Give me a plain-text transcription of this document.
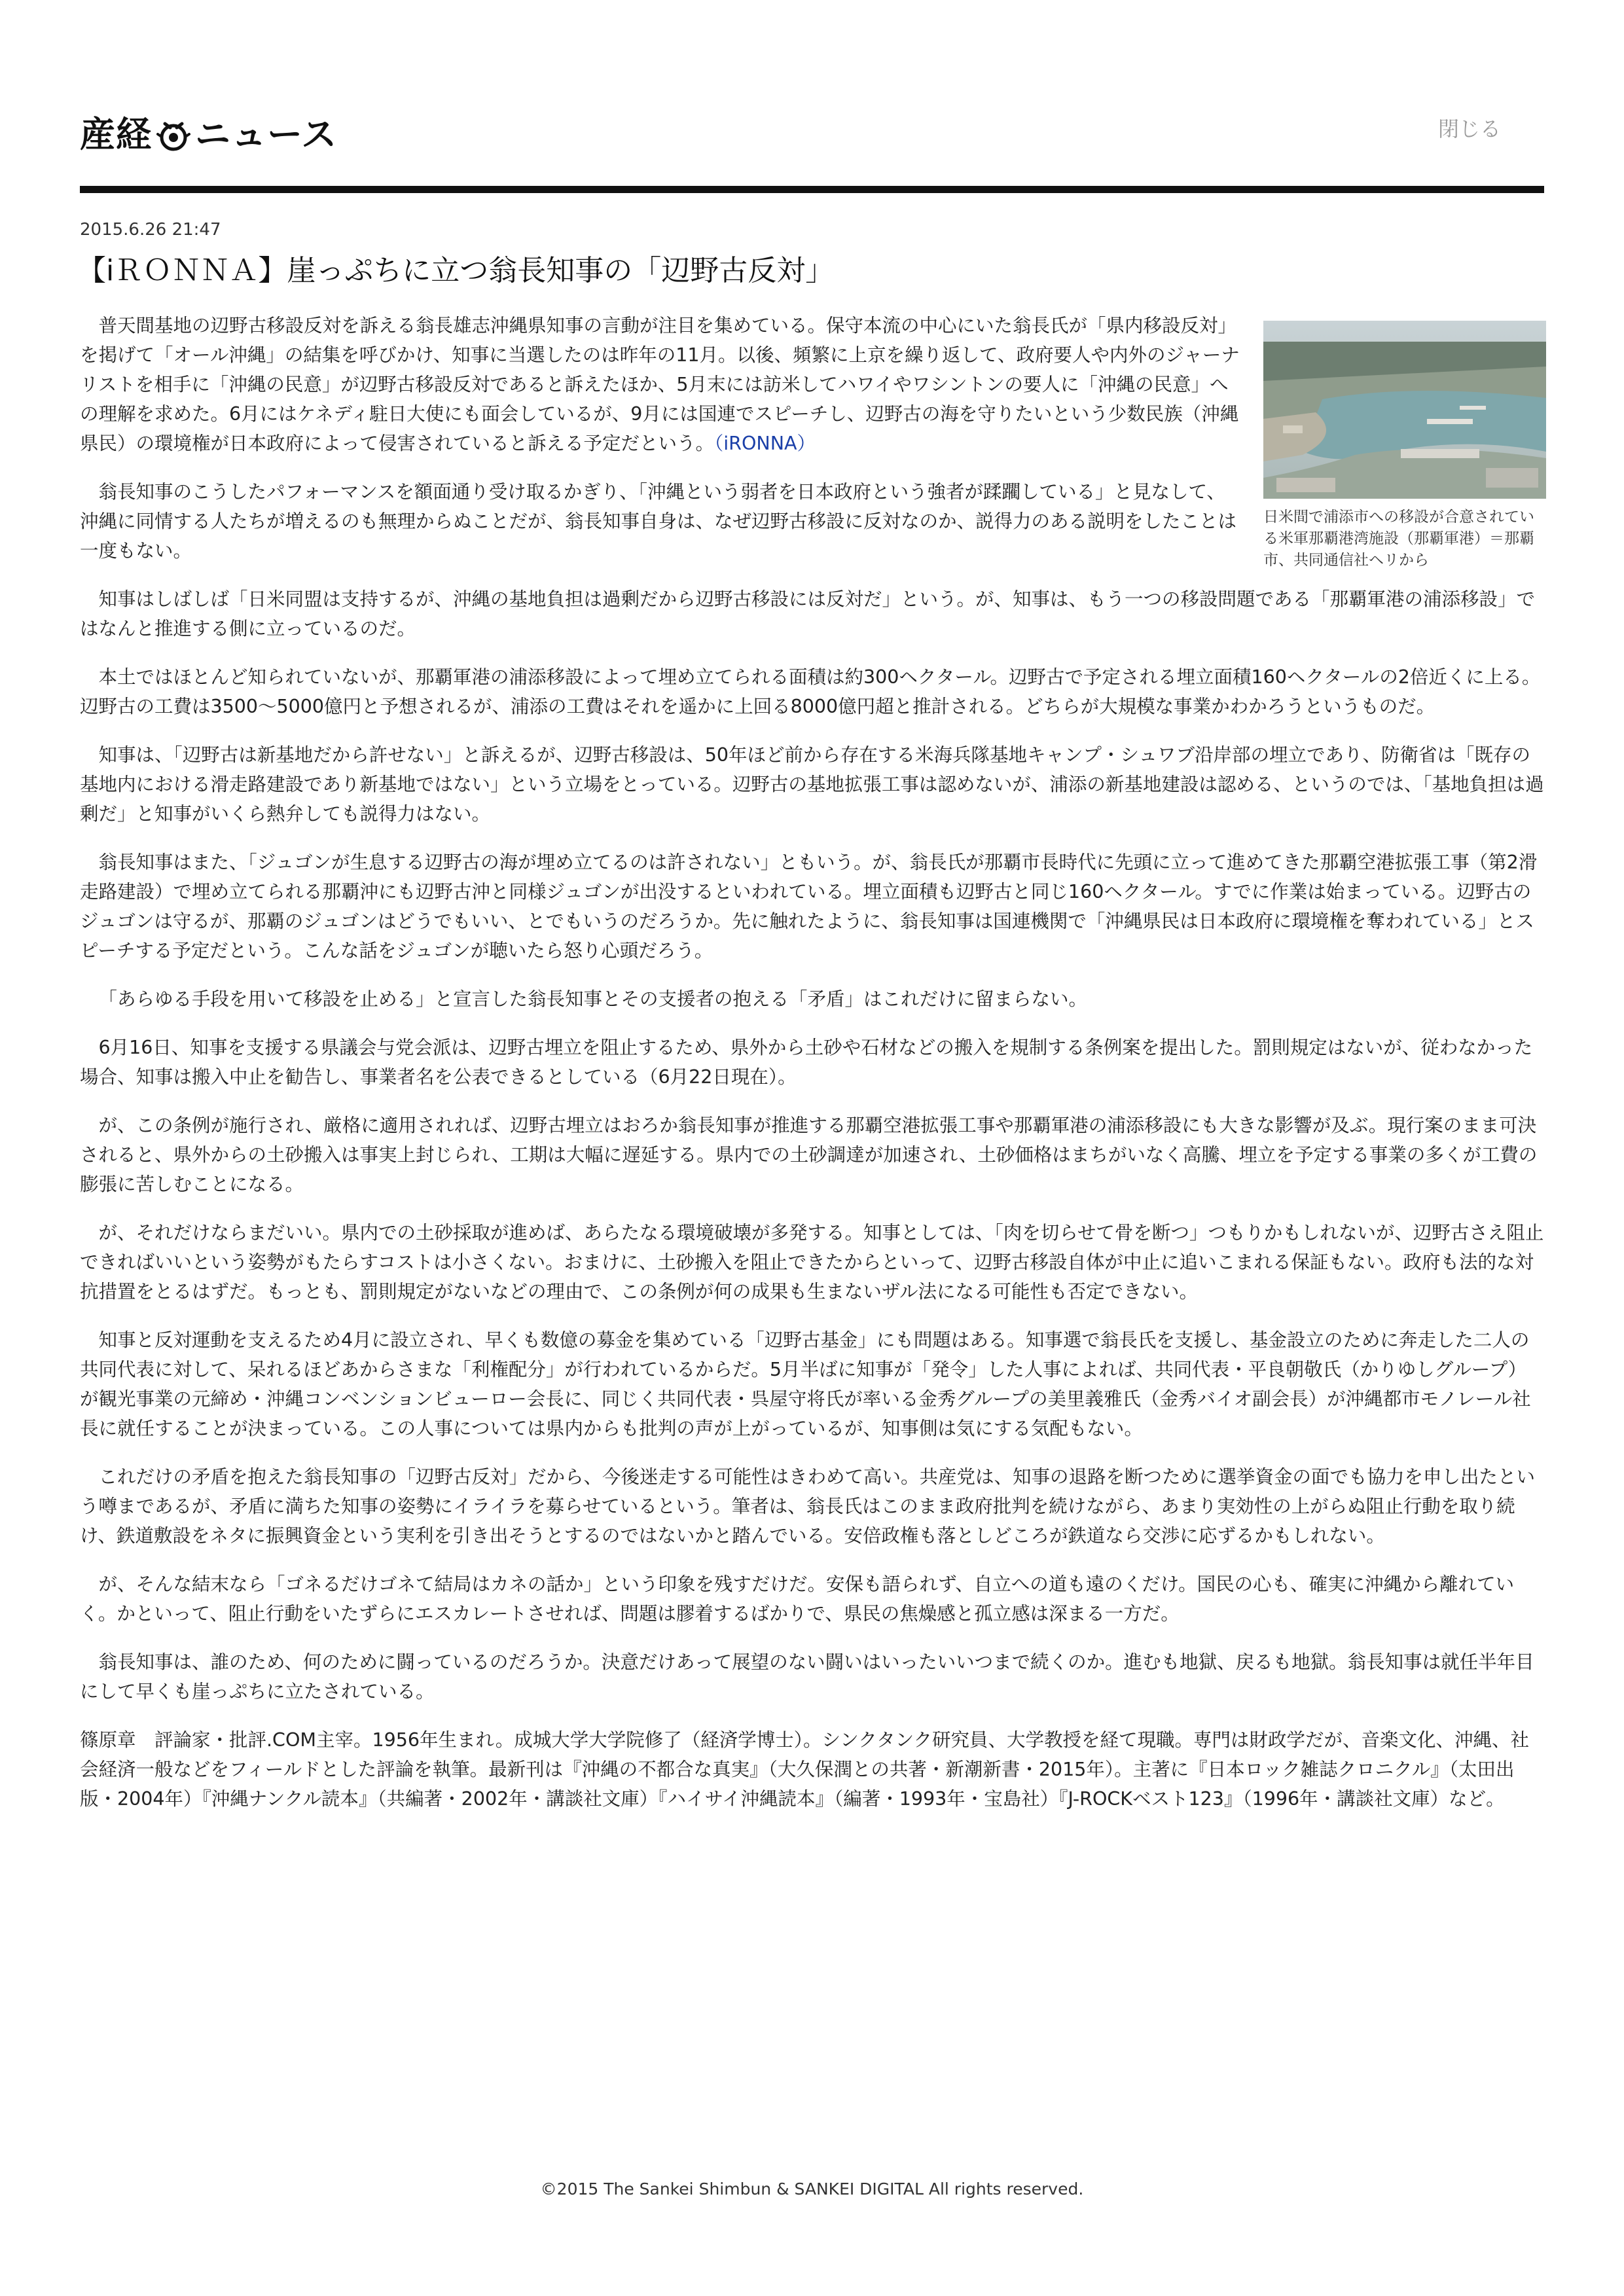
産経 ニュース	閉じる
2015.6.26 21:47
【iＲＯＮＮＡ】崖っぷちに立つ翁長知事の「辺野古反対」
日米間で浦添市への移設が合意されている米軍那覇港湾施設（那覇軍港）＝那覇市、共同通信社ヘリから

普天間基地の辺野古移設反対を訴える翁長雄志沖縄県知事の言動が注目を集めている。保守本流の中心にいた翁長氏が「県内移設反対」を掲げて「オール沖縄」の結集を呼びかけ、知事に当選したのは昨年の11月。以後、頻繁に上京を繰り返して、政府要人や内外のジャーナリストを相手に「沖縄の民意」が辺野古移設反対であると訴えたほか、5月末には訪米してハワイやワシントンの要人に「沖縄の民意」への理解を求めた。6月にはケネディ駐日大使にも面会しているが、9月には国連でスピーチし、辺野古の海を守りたいという少数民族（沖縄県民）の環境権が日本政府によって侵害されていると訴える予定だという。（iRONNA）

翁長知事のこうしたパフォーマンスを額面通り受け取るかぎり、「沖縄という弱者を日本政府という強者が蹂躙している」と見なして、沖縄に同情する人たちが増えるのも無理からぬことだが、翁長知事自身は、なぜ辺野古移設に反対なのか、説得力のある説明をしたことは一度もない。

知事はしばしば「日米同盟は支持するが、沖縄の基地負担は過剰だから辺野古移設には反対だ」という。が、知事は、もう一つの移設問題である「那覇軍港の浦添移設」ではなんと推進する側に立っているのだ。

本土ではほとんど知られていないが、那覇軍港の浦添移設によって埋め立てられる面積は約300ヘクタール。辺野古で予定される埋立面積160ヘクタールの2倍近くに上る。辺野古の工費は3500～5000億円と予想されるが、浦添の工費はそれを遥かに上回る8000億円超と推計される。どちらが大規模な事業かわかろうというものだ。

知事は、「辺野古は新基地だから許せない」と訴えるが、辺野古移設は、50年ほど前から存在する米海兵隊基地キャンプ・シュワブ沿岸部の埋立であり、防衛省は「既存の基地内における滑走路建設であり新基地ではない」という立場をとっている。辺野古の基地拡張工事は認めないが、浦添の新基地建設は認める、というのでは、「基地負担は過剰だ」と知事がいくら熱弁しても説得力はない。

翁長知事はまた、「ジュゴンが生息する辺野古の海が埋め立てるのは許されない」ともいう。が、翁長氏が那覇市長時代に先頭に立って進めてきた那覇空港拡張工事（第2滑走路建設）で埋め立てられる那覇沖にも辺野古沖と同様ジュゴンが出没するといわれている。埋立面積も辺野古と同じ160ヘクタール。すでに作業は始まっている。辺野古のジュゴンは守るが、那覇のジュゴンはどうでもいい、とでもいうのだろうか。先に触れたように、翁長知事は国連機関で「沖縄県民は日本政府に環境権を奪われている」とスピーチする予定だという。こんな話をジュゴンが聴いたら怒り心頭だろう。

「あらゆる手段を用いて移設を止める」と宣言した翁長知事とその支援者の抱える「矛盾」はこれだけに留まらない。

6月16日、知事を支援する県議会与党会派は、辺野古埋立を阻止するため、県外から土砂や石材などの搬入を規制する条例案を提出した。罰則規定はないが、従わなかった場合、知事は搬入中止を勧告し、事業者名を公表できるとしている（6月22日現在）。

が、この条例が施行され、厳格に適用されれば、辺野古埋立はおろか翁長知事が推進する那覇空港拡張工事や那覇軍港の浦添移設にも大きな影響が及ぶ。現行案のまま可決されると、県外からの土砂搬入は事実上封じられ、工期は大幅に遅延する。県内での土砂調達が加速され、土砂価格はまちがいなく高騰、埋立を予定する事業の多くが工費の膨張に苦しむことになる。

が、それだけならまだいい。県内での土砂採取が進めば、あらたなる環境破壊が多発する。知事としては、「肉を切らせて骨を断つ」つもりかもしれないが、辺野古さえ阻止できればいいという姿勢がもたらすコストは小さくない。おまけに、土砂搬入を阻止できたからといって、辺野古移設自体が中止に追いこまれる保証もない。政府も法的な対抗措置をとるはずだ。もっとも、罰則規定がないなどの理由で、この条例が何の成果も生まないザル法になる可能性も否定できない。

知事と反対運動を支えるため4月に設立され、早くも数億の募金を集めている「辺野古基金」にも問題はある。知事選で翁長氏を支援し、基金設立のために奔走した二人の共同代表に対して、呆れるほどあからさまな「利権配分」が行われているからだ。5月半ばに知事が「発令」した人事によれば、共同代表・平良朝敬氏（かりゆしグループ）が観光事業の元締め・沖縄コンベンションビューロー会長に、同じく共同代表・呉屋守将氏が率いる金秀グループの美里義雅氏（金秀バイオ副会長）が沖縄都市モノレール社長に就任することが決まっている。この人事については県内からも批判の声が上がっているが、知事側は気にする気配もない。

これだけの矛盾を抱えた翁長知事の「辺野古反対」だから、今後迷走する可能性はきわめて高い。共産党は、知事の退路を断つために選挙資金の面でも協力を申し出たという噂まであるが、矛盾に満ちた知事の姿勢にイライラを募らせているという。筆者は、翁長氏はこのまま政府批判を続けながら、あまり実効性の上がらぬ阻止行動を取り続け、鉄道敷設をネタに振興資金という実利を引き出そうとするのではないかと踏んでいる。安倍政権も落としどころが鉄道なら交渉に応ずるかもしれない。

が、そんな結末なら「ゴネるだけゴネて結局はカネの話か」という印象を残すだけだ。安保も語られず、自立への道も遠のくだけ。国民の心も、確実に沖縄から離れていく。かといって、阻止行動をいたずらにエスカレートさせれば、問題は膠着するばかりで、県民の焦燥感と孤立感は深まる一方だ。

翁長知事は、誰のため、何のために闘っているのだろうか。決意だけあって展望のない闘いはいったいいつまで続くのか。進むも地獄、戻るも地獄。翁長知事は就任半年目にして早くも崖っぷちに立たされている。

篠原章　評論家・批評.COM主宰。1956年生まれ。成城大学大学院修了（経済学博士）。シンクタンク研究員、大学教授を経て現職。専門は財政学だが、音楽文化、沖縄、社会経済一般などをフィールドとした評論を執筆。最新刊は『沖縄の不都合な真実』（大久保潤との共著・新潮新書・2015年）。主著に『日本ロック雑誌クロニクル』（太田出版・2004年）『沖縄ナンクル読本』（共編著・2002年・講談社文庫）『ハイサイ沖縄読本』（編著・1993年・宝島社）『J-ROCKベスト123』（1996年・講談社文庫）など。

©2015 The Sankei Shimbun & SANKEI DIGITAL All rights reserved.
